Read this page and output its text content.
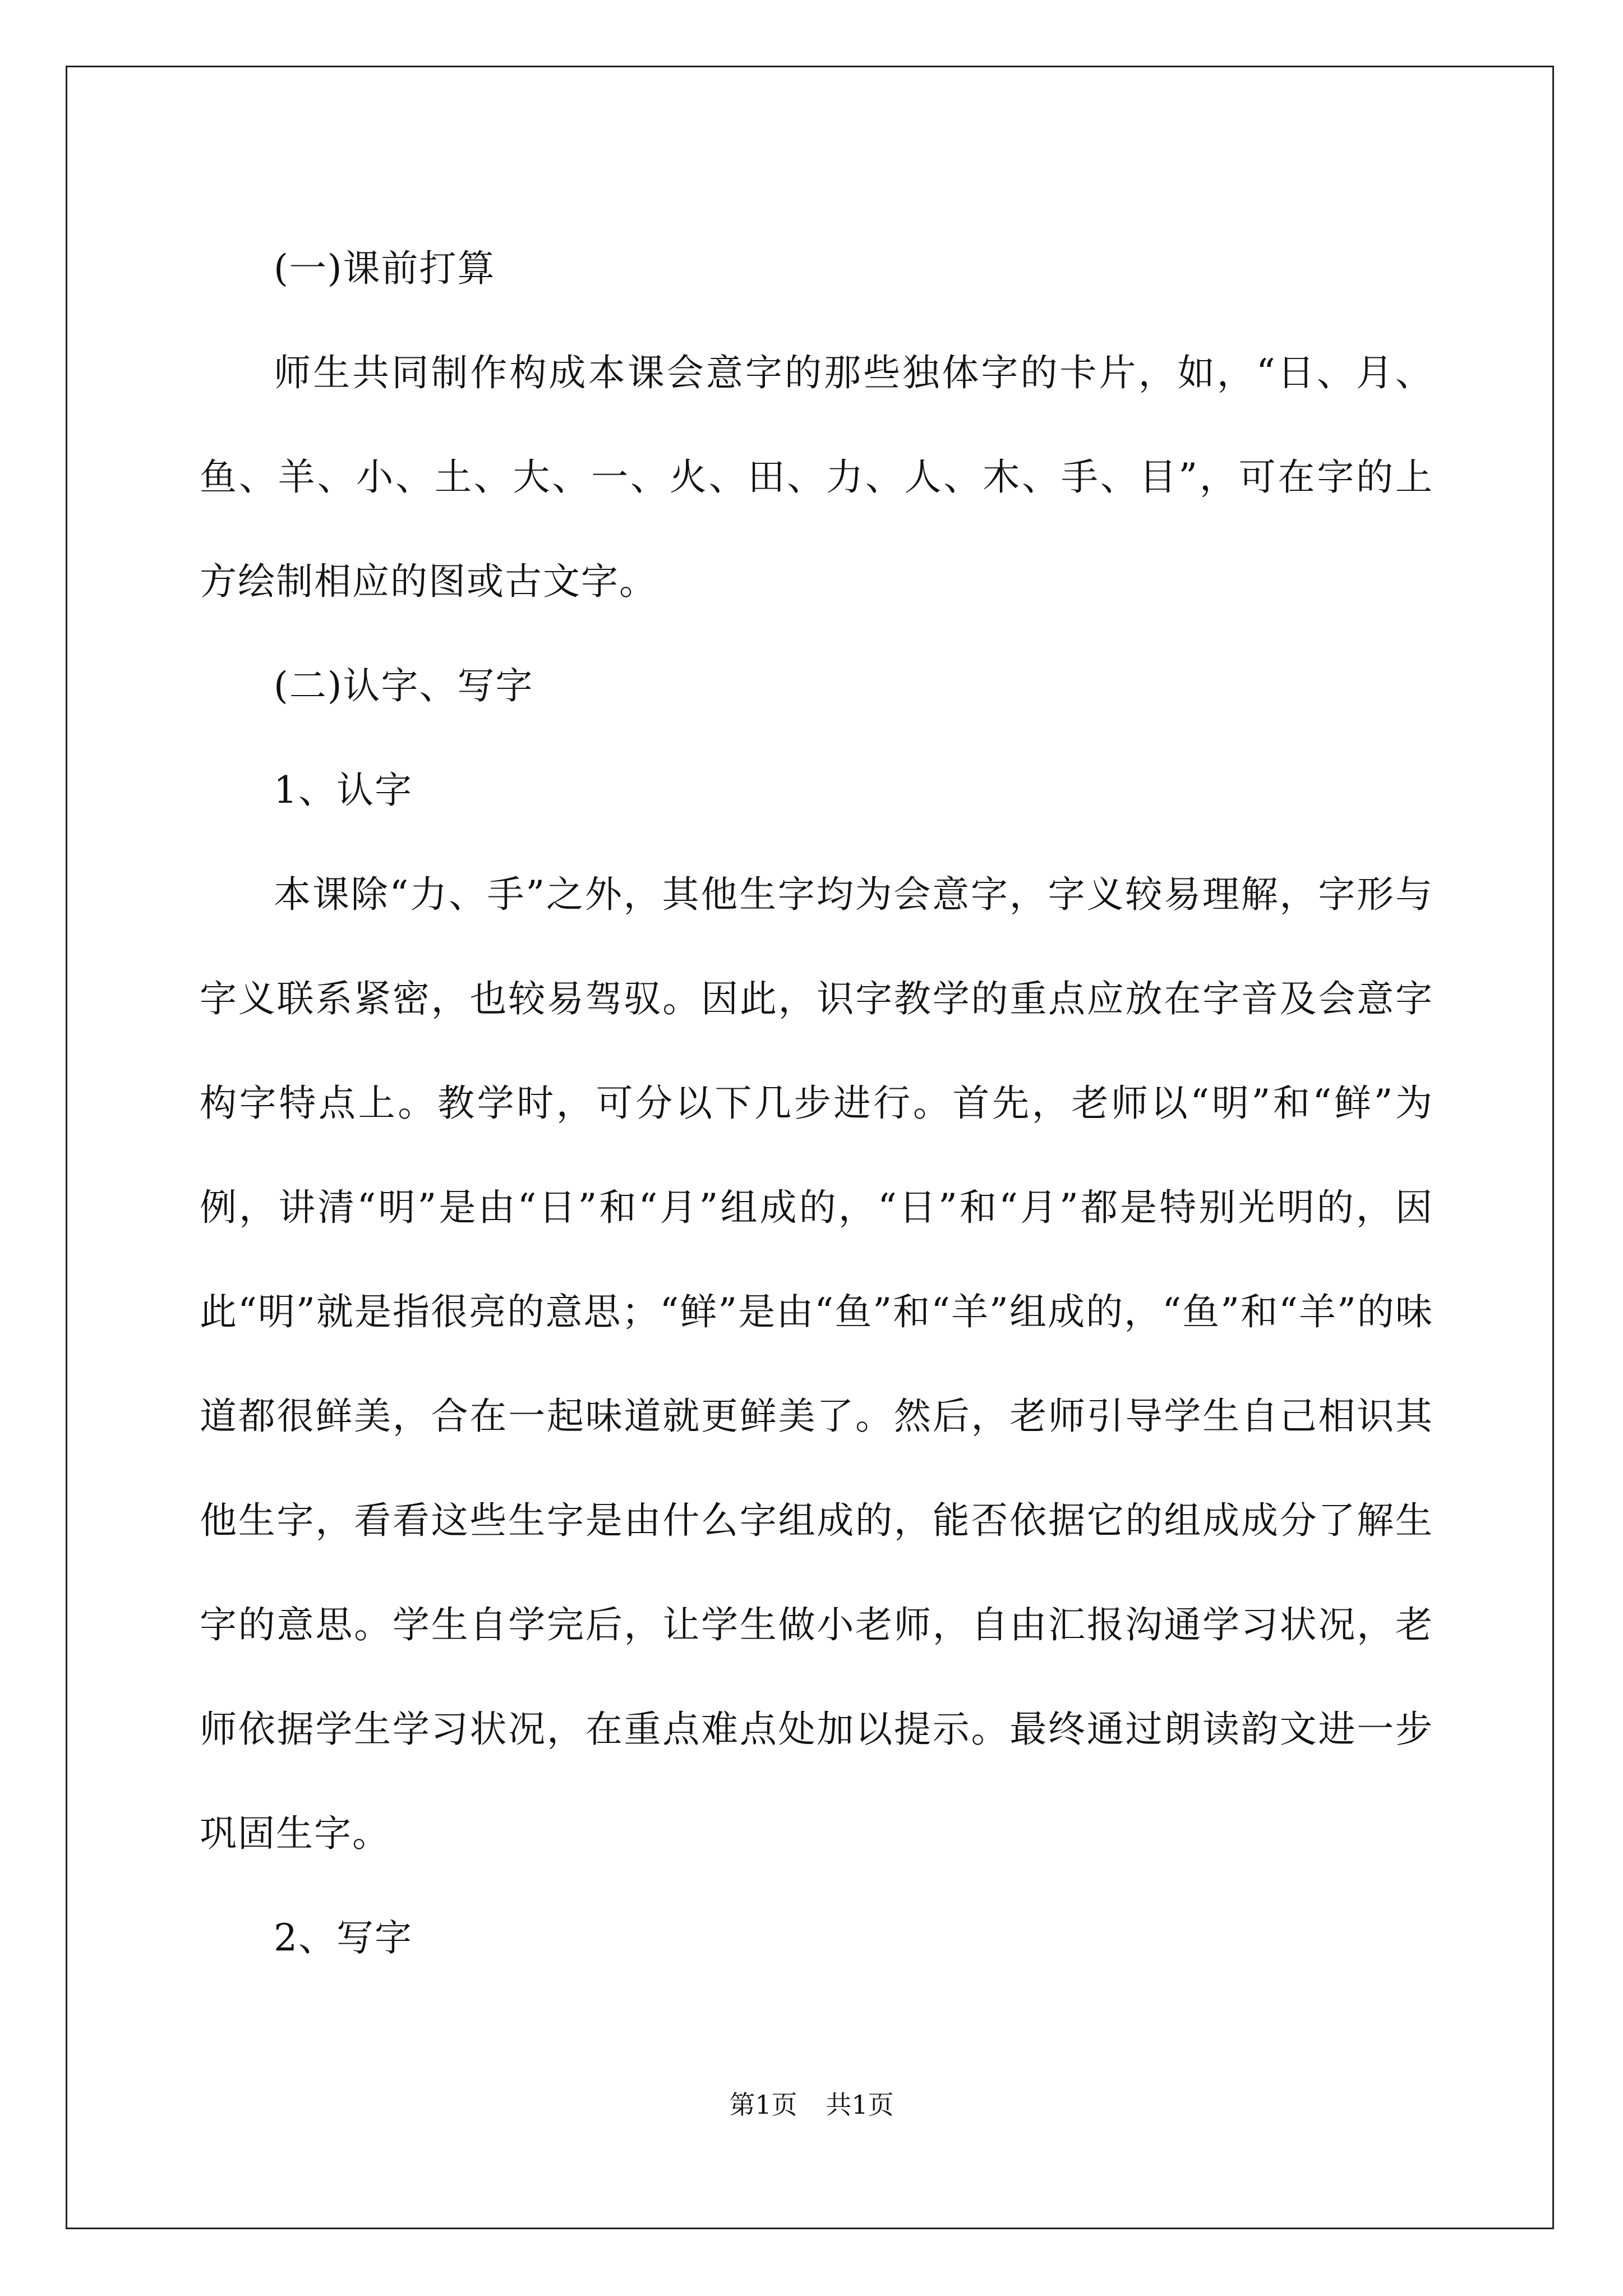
(一)课前打算

师生共同制作构成本课会意字的那些独体字的卡片，如，“日、月、鱼、羊、小、土、大、一、火、田、力、人、木、手、目”，可在字的上方绘制相应的图或古文字。

(二)认字、写字

1、认字

本课除“力、手”之外，其他生字均为会意字，字义较易理解，字形与字义联系紧密，也较易驾驭。因此，识字教学的重点应放在字音及会意字构字特点上。教学时，可分以下几步进行。首先，老师以“明”和“鲜”为例，讲清“明”是由“日”和“月”组成的，“日”和“月”都是特别光明的，因此“明”就是指很亮的意思；“鲜”是由“鱼”和“羊”组成的，“鱼”和“羊”的味道都很鲜美，合在一起味道就更鲜美了。然后，老师引导学生自己相识其他生字，看看这些生字是由什么字组成的，能否依据它的组成成分了解生字的意思。学生自学完后，让学生做小老师，自由汇报沟通学习状况，老师依据学生学习状况，在重点难点处加以提示。最终通过朗读韵文进一步巩固生字。

2、写字

第1页 共1页
